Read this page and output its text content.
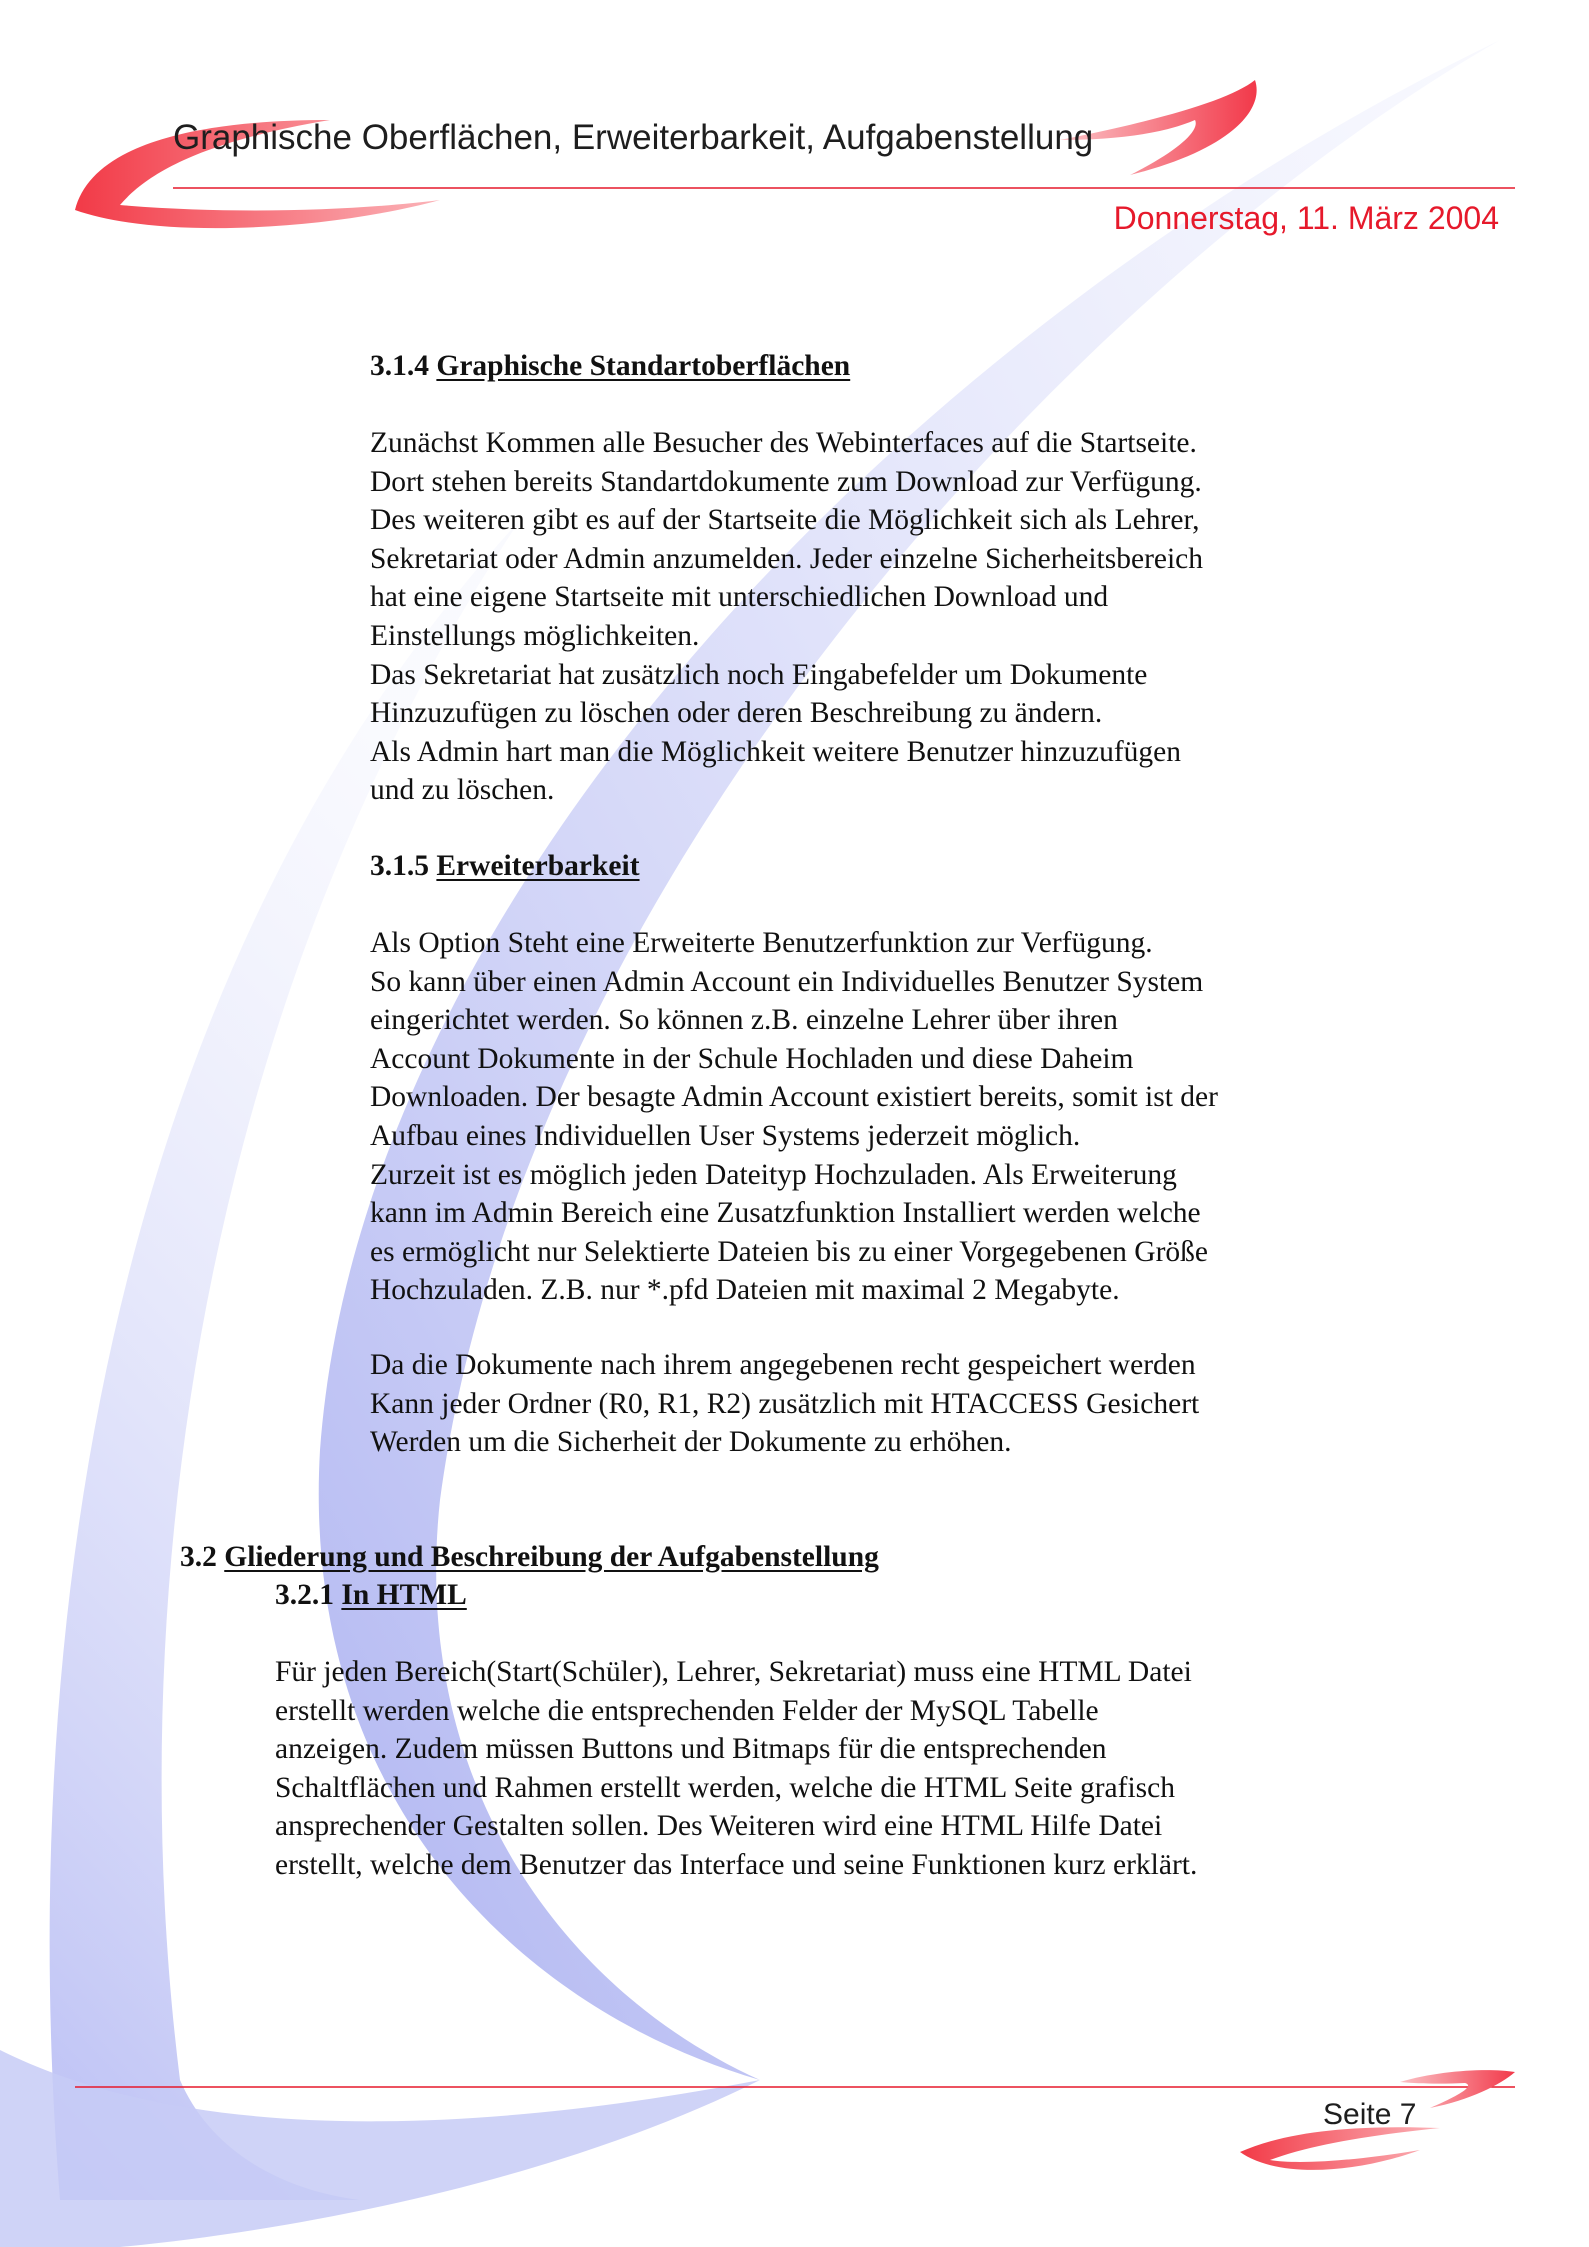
Graphische Oberflächen, Erweiterbarkeit, Aufgabenstellung
Donnerstag, 11. März 2004
3.1.4 Graphische Standartoberflächen

Zunächst Kommen alle Besucher des Webinterfaces auf die Startseite.

Dort stehen bereits Standartdokumente zum Download zur Verfügung.

Des weiteren gibt es auf der Startseite die Möglichkeit sich als Lehrer,

Sekretariat oder Admin anzumelden. Jeder einzelne Sicherheitsbereich

hat eine eigene Startseite mit unterschiedlichen Download und

Einstellungs möglichkeiten.

Das Sekretariat hat zusätzlich noch Eingabefelder um Dokumente

Hinzuzufügen zu löschen oder deren Beschreibung zu ändern.

Als Admin hart man die Möglichkeit weitere Benutzer hinzuzufügen

und zu löschen.

3.1.5 Erweiterbarkeit

Als Option Steht eine Erweiterte Benutzerfunktion zur Verfügung.

So kann über einen Admin Account ein Individuelles Benutzer System

eingerichtet werden. So können z.B. einzelne Lehrer über ihren

Account Dokumente in der Schule Hochladen und diese Daheim

Downloaden. Der besagte Admin Account existiert bereits, somit ist der

Aufbau eines Individuellen User Systems jederzeit möglich.

Zurzeit ist es möglich jeden Dateityp Hochzuladen. Als Erweiterung

kann im Admin Bereich eine Zusatzfunktion Installiert werden welche

es ermöglicht nur Selektierte Dateien bis zu einer Vorgegebenen Größe

Hochzuladen. Z.B. nur *.pfd Dateien mit maximal 2 Megabyte.

Da die Dokumente nach ihrem angegebenen recht gespeichert werden

Kann jeder Ordner (R0, R1, R2) zusätzlich mit HTACCESS Gesichert

Werden um die Sicherheit der Dokumente zu erhöhen.

3.2 Gliederung und Beschreibung der Aufgabenstellung
3.2.1 In HTML

Für jeden Bereich(Start(Schüler), Lehrer, Sekretariat) muss eine HTML Datei

erstellt werden welche die entsprechenden Felder der MySQL Tabelle

anzeigen. Zudem müssen Buttons und Bitmaps für die entsprechenden

Schaltflächen und Rahmen erstellt werden, welche die HTML Seite grafisch

ansprechender Gestalten sollen. Des Weiteren wird eine HTML Hilfe Datei

erstellt, welche dem Benutzer das Interface und seine Funktionen kurz erklärt.

Seite 7
